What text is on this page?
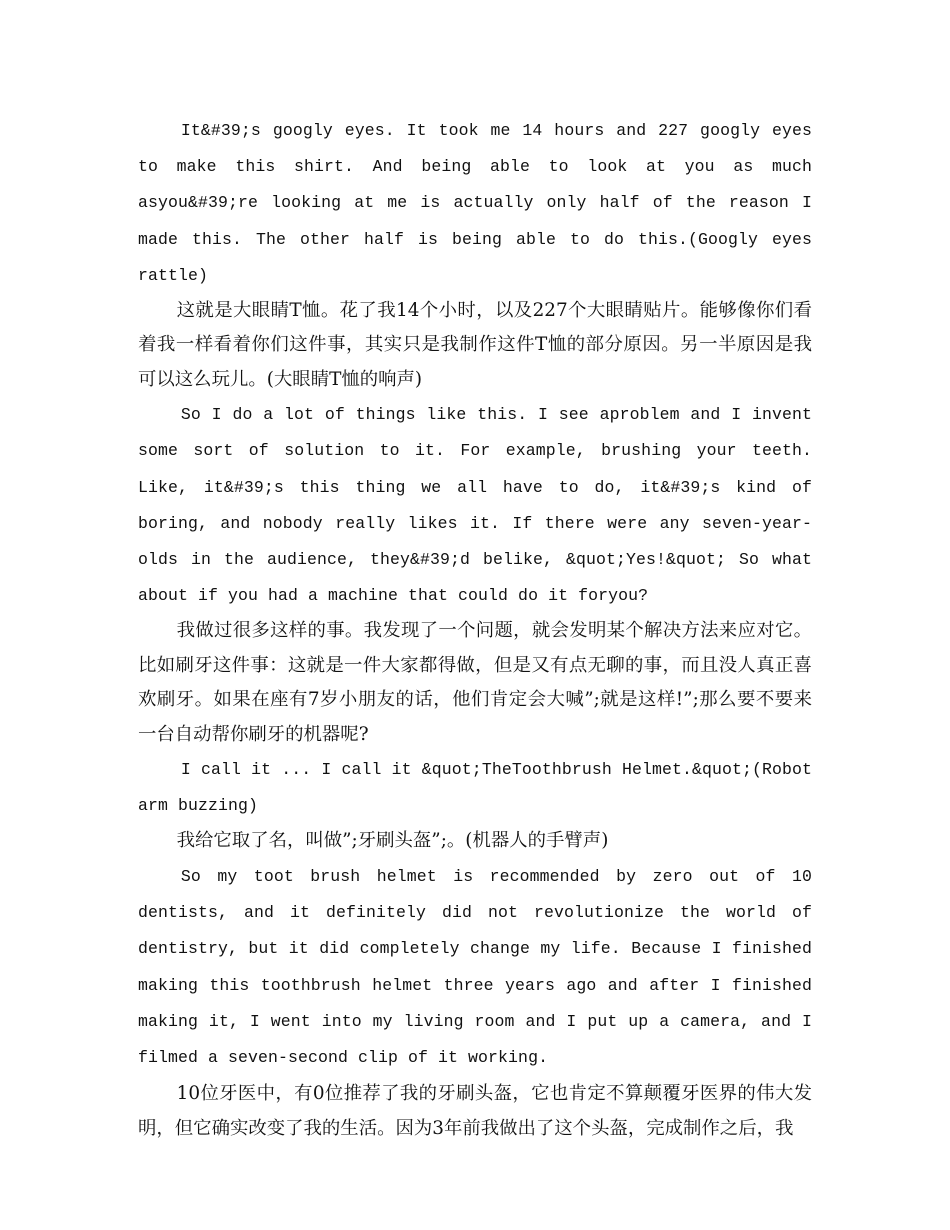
It&#39;s googly eyes. It took me 14 hours and 227 googly eyes to make this shirt. And being able to look at you as much asyou&#39;re looking at me is actually only half of the reason I made this. The other half is being able to do this.(Googly eyes rattle)

这就是大眼睛T恤。花了我14个小时，以及227个大眼睛贴片。能够像你们看着我一样看着你们这件事，其实只是我制作这件T恤的部分原因。另一半原因是我可以这么玩儿。(大眼睛T恤的响声)

So I do a lot of things like this. I see aproblem and I invent some sort of solution to it. For example, brushing your teeth. Like, it&#39;s this thing we all have to do, it&#39;s kind of boring, and nobody really likes it. If there were any seven-year-olds in the audience, they&#39;d belike, &quot;Yes!&quot; So what about if you had a machine that could do it foryou?

我做过很多这样的事。我发现了一个问题，就会发明某个解决方法来应对它。比如刷牙这件事：这就是一件大家都得做，但是又有点无聊的事，而且没人真正喜欢刷牙。如果在座有7岁小朋友的话，他们肯定会大喊”;就是这样!”;那么要不要来一台自动帮你刷牙的机器呢?

I call it ... I call it &quot;TheToothbrush Helmet.&quot;(Robot arm buzzing)

我给它取了名，叫做”;牙刷头盔”;。(机器人的手臂声)

So my toot brush helmet is recommended by zero out of 10 dentists, and it definitely did not revolutionize the world of dentistry, but it did completely change my life. Because I finished making this toothbrush helmet three years ago and after I finished making it, I went into my living room and I put up a camera, and I filmed a seven-second clip of it working.

10位牙医中，有0位推荐了我的牙刷头盔，它也肯定不算颠覆牙医界的伟大发明，但它确实改变了我的生活。因为3年前我做出了这个头盔，完成制作之后，我
